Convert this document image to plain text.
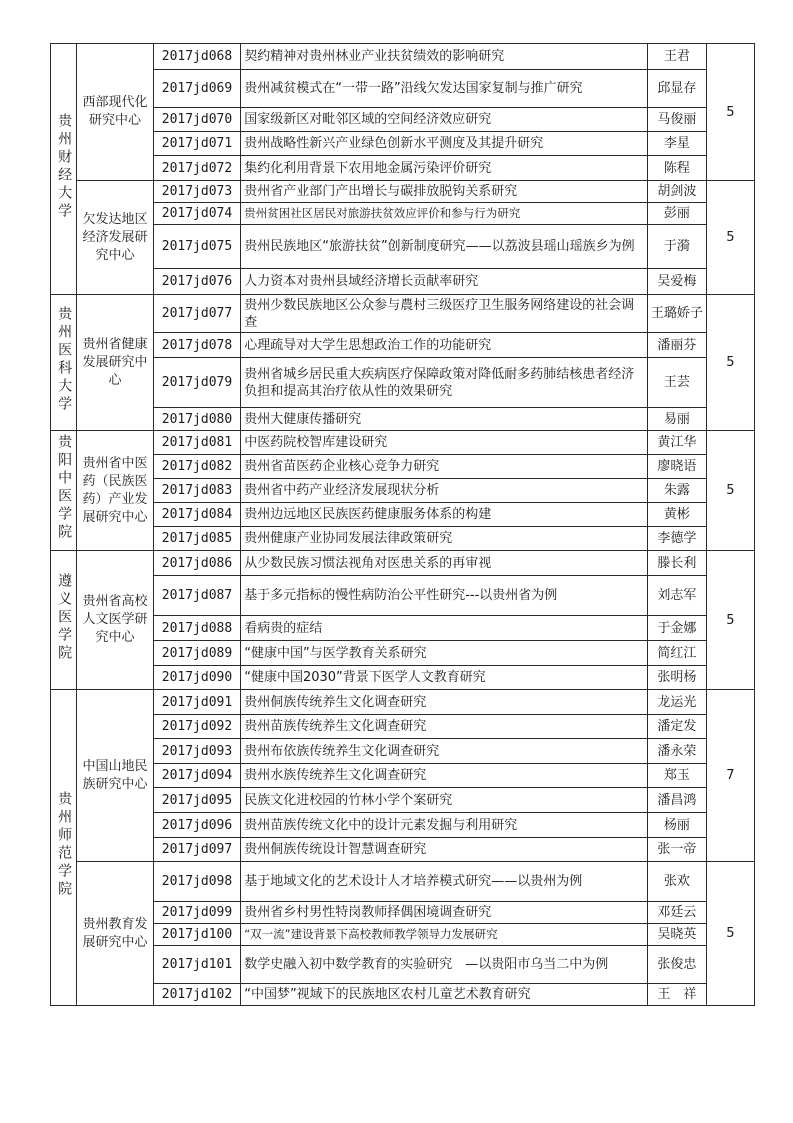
贵州财经大学	西部现代化研究中心	2017jd068	契约精神对贵州林业产业扶贫绩效的影响研究	王君	5
		2017jd069	贵州减贫模式在“一带一路”沿线欠发达国家复制与推广研究	邱显存	
		2017jd070	国家级新区对毗邻区域的空间经济效应研究	马俊丽	
		2017jd071	贵州战略性新兴产业绿色创新水平测度及其提升研究	李星	
		2017jd072	集约化利用背景下农用地金属污染评价研究	陈程	

	欠发达地区经济发展研究中心	2017jd073	贵州省产业部门产出增长与碳排放脱钩关系研究	胡剑波	5
		2017jd074	贵州贫困社区居民对旅游扶贫效应评价和参与行为研究	彭丽	
		2017jd075	贵州民族地区“旅游扶贫”创新制度研究——以荔波县瑶山瑶族乡为例	于漪	
		2017jd076	人力资本对贵州县域经济增长贡献率研究	吴爱梅	
贵州医科大学	贵州省健康发展研究中心	2017jd077	贵州少数民族地区公众参与農村三级医疗卫生服务网络建设的社会调查	王璐娇子	5
		2017jd078	心理疏导对大学生思想政治工作的功能研究	潘丽芬	
		2017jd079	贵州省城乡居民重大疾病医疗保障政策对降低耐多药肺结核患者经济负担和提高其治疗依从性的效果研究	王芸	
		2017jd080	贵州大健康传播研究	易丽	
贵阳中医学院	贵州省中医药（民族医药）产业发展研究中心	2017jd081	中医药院校智库建设研究	黄江华	5
		2017jd082	贵州省苗医药企业核心竞争力研究	廖晓语	
		2017jd083	贵州省中药产业经济发展现状分析	朱露	
		2017jd084	贵州边远地区民族医药健康服务体系的构建	黄彬	
		2017jd085	贵州健康产业协同发展法律政策研究	李德学	
遵义医学院	贵州省高校人文医学研究中心	2017jd086	从少数民族习惯法视角对医患关系的再审视	滕长利	5
		2017jd087	基于多元指标的慢性病防治公平性研究---以贵州省为例	刘志军	
		2017jd088	看病贵的症结	于金娜	
		2017jd089	“健康中国”与医学教育关系研究	简红江	
		2017jd090	“健康中国2030”背景下医学人文教育研究	张明杨	
贵州师范学院	中国山地民族研究中心	2017jd091	贵州侗族传统养生文化调查研究	龙运光	7
		2017jd092	贵州苗族传统养生文化调查研究	潘定发	
		2017jd093	贵州布依族传统养生文化调查研究	潘永荣	
		2017jd094	贵州水族传统养生文化调查研究	郑玉	
		2017jd095	民族文化进校园的竹林小学个案研究	潘昌鸿	
		2017jd096	贵州苗族传统文化中的设计元素发掘与利用研究	杨丽	
		2017jd097	贵州侗族传统设计智慧调查研究	张一帝	

	贵州教育发展研究中心	2017jd098	基于地域文化的艺术设计人才培养模式研究——以贵州为例	张欢	5
		2017jd099	贵州省乡村男性特岗教师择偶困境调查研究	邓廷云	
		2017jd100	“双一流”建设背景下高校教师教学领导力发展研究	吴晓英	
		2017jd101	数学史融入初中数学教育的实验研究　—以贵阳市乌当二中为例	张俊忠	
		2017jd102	“中国梦”视域下的民族地区农村儿童艺术教育研究	王　祥	
